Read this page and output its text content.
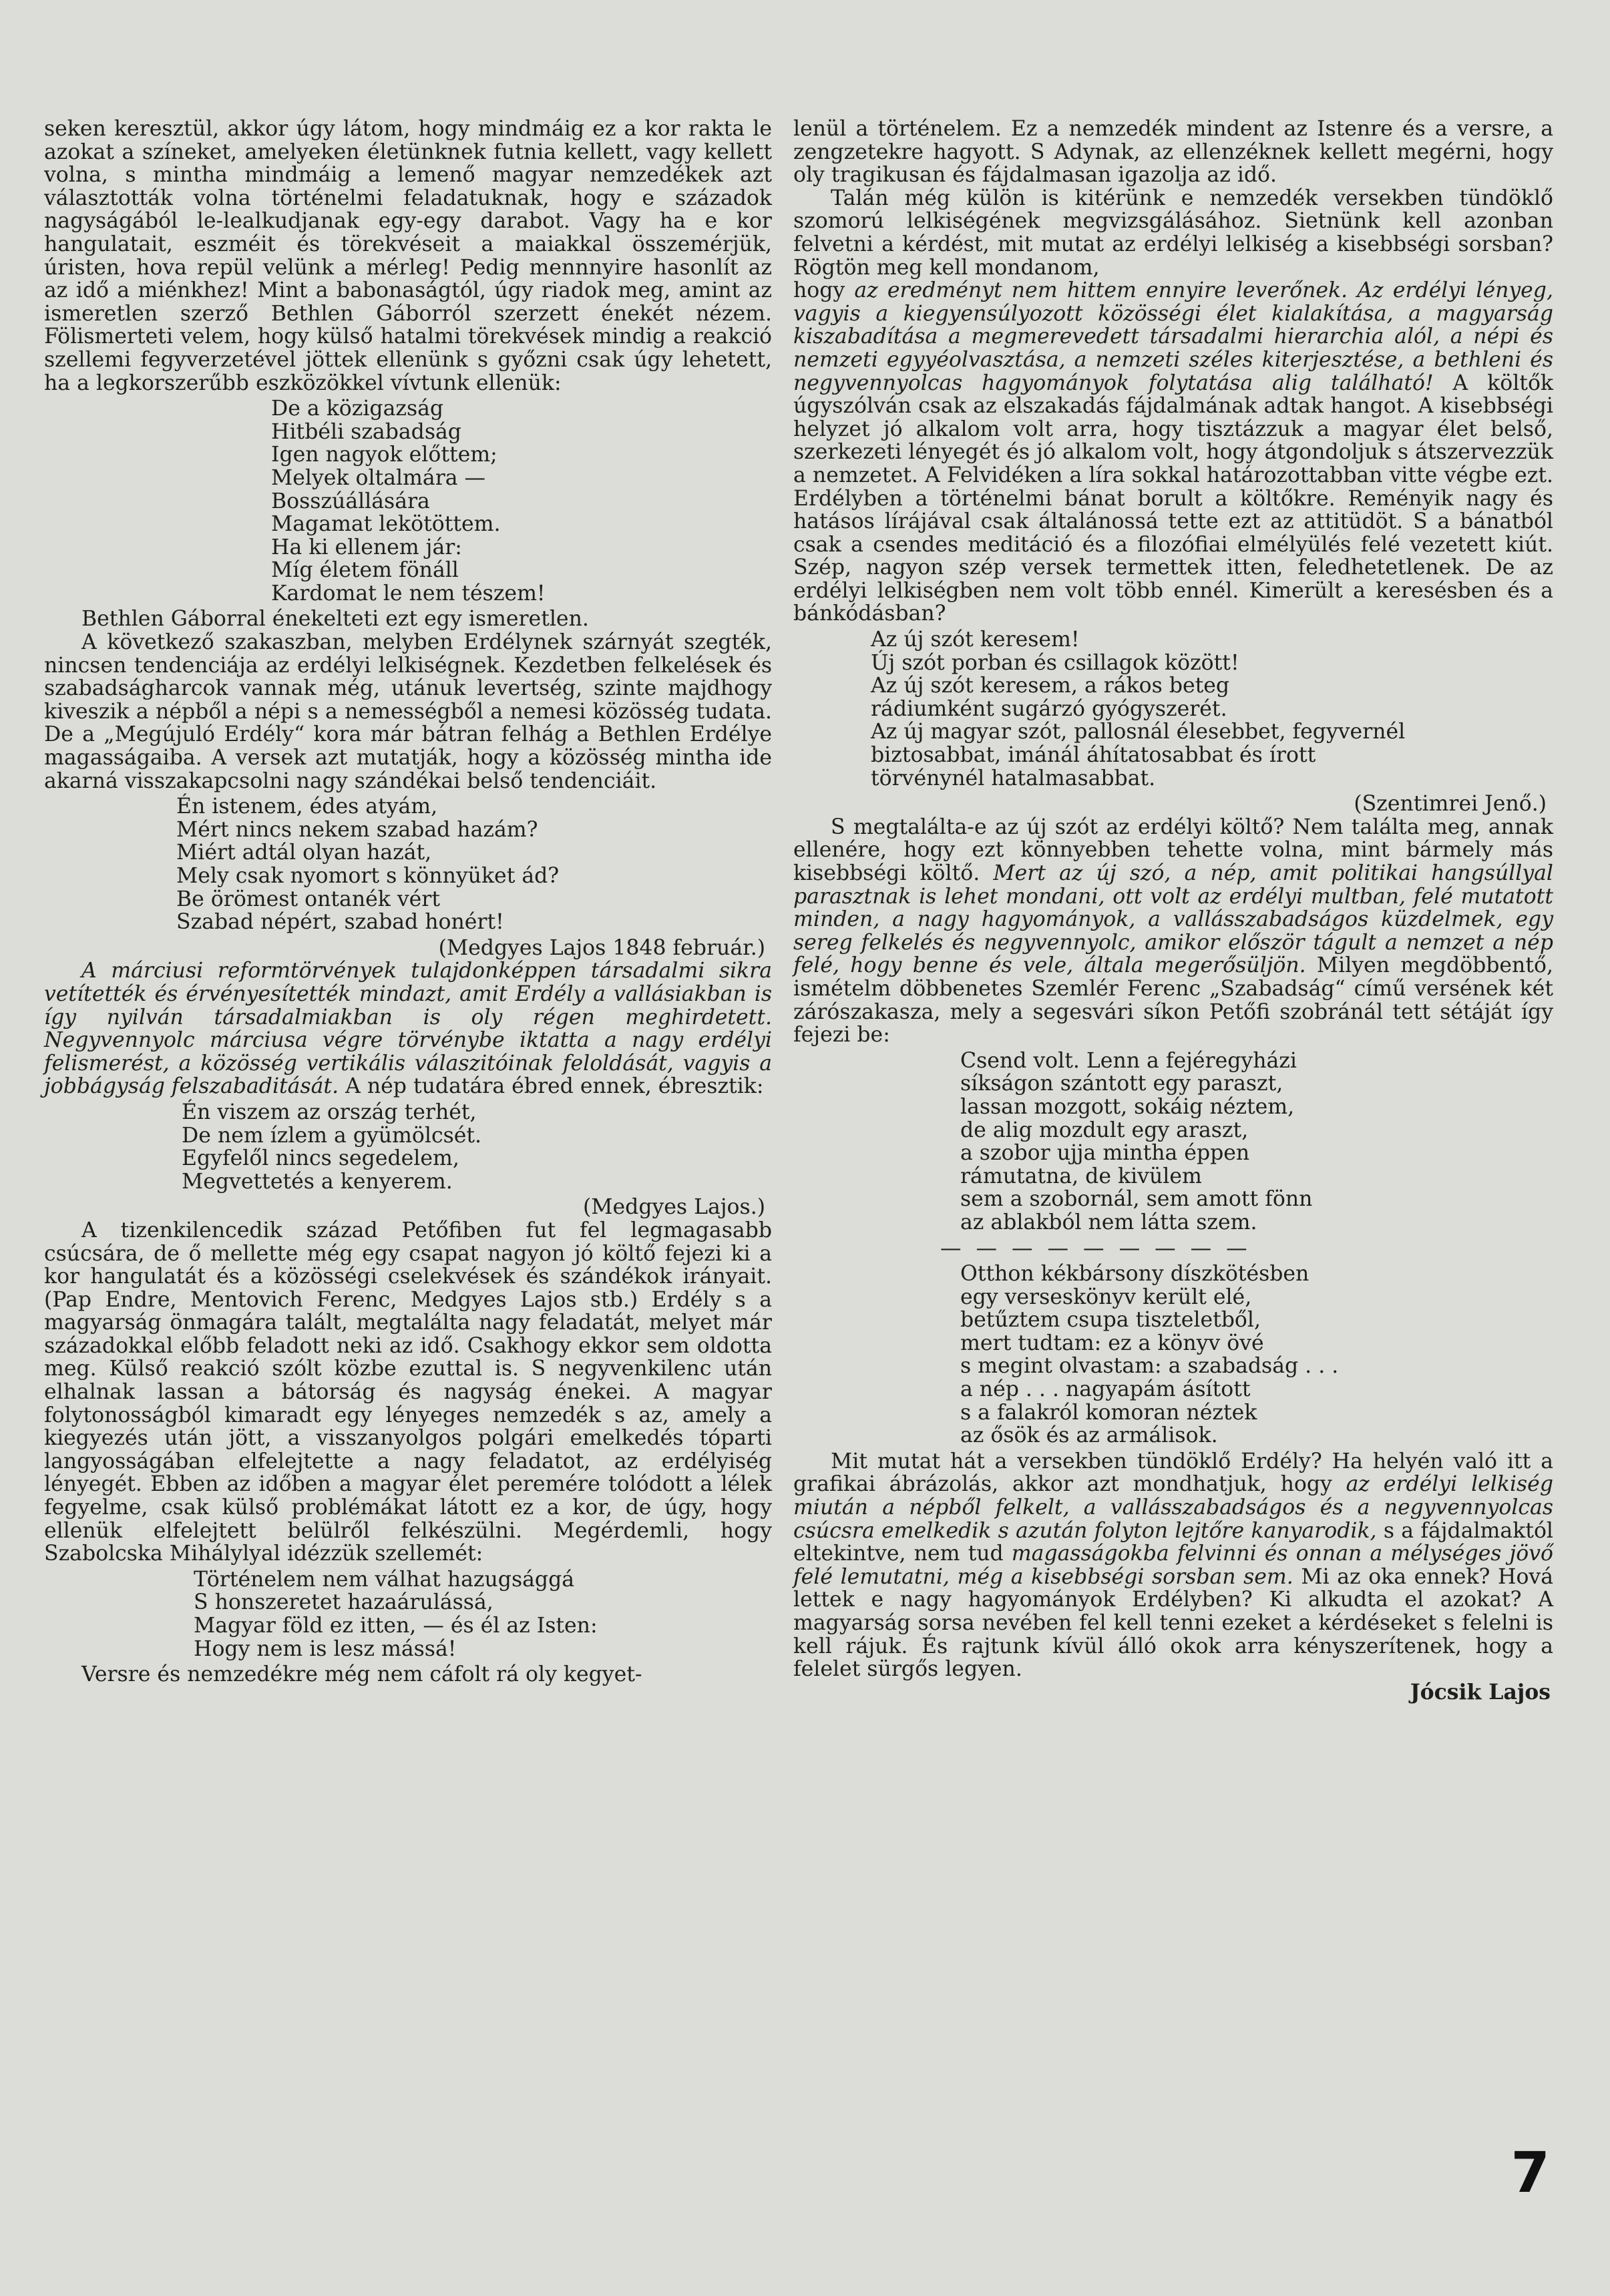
seken keresztül, akkor úgy látom, hogy mindmáig ez a kor rakta le azokat a színeket, amelyeken életünknek futnia kellett, vagy kellett volna, s mintha mindmáig a lemenő magyar nemzedékek azt választották volna történelmi feladatuknak, hogy e századok nagyságából le-lealkudjanak egy-egy darabot. Vagy ha e kor hangulatait, eszméit és törekvéseit a maiakkal összemérjük, úristen, hova repül velünk a mérleg! Pedig mennnyire hasonlít az az idő a miénkhez! Mint a babonaságtól, úgy riadok meg, amint az ismeretlen szerző Bethlen Gáborról szerzett énekét nézem. Fölismerteti velem, hogy külső hatalmi törekvések mindig a reakció szellemi fegyverzetével jöttek ellenünk s győzni csak úgy lehetett, ha a legkorszerűbb eszközökkel vívtunk ellenük:

De a közigazság
Hitbéli szabadság
Igen nagyok előttem;
Melyek oltalmára —
Bosszúállására
Magamat lekötöttem.
Ha ki ellenem jár:
Míg életem fönáll
Kardomat le nem tészem!

Bethlen Gáborral énekelteti ezt egy ismeretlen.

A következő szakaszban, melyben Erdélynek szárnyát szegték, nincsen tendenciája az erdélyi lelkiségnek. Kezdetben felkelések és szabadságharcok vannak még, utánuk levertség, szinte majdhogy kiveszik a népből a népi s a nemességből a nemesi közösség tudata. De a „Megújuló Erdély“ kora már bátran felhág a Bethlen Erdélye magasságaiba. A versek azt mutatják, hogy a közösség mintha ide akarná visszakapcsolni nagy szándékai belső tendenciáit.

Én istenem, édes atyám,
Mért nincs nekem szabad hazám?
Miért adtál olyan hazát,
Mely csak nyomort s könnyüket ád?
Be örömest ontanék vért
Szabad népért, szabad honért!
(Medgyes Lajos 1848 február.)

A márciusi reformtörvények tulajdonképpen társadalmi sikra vetítették és érvényesítették mindazt, amit Erdély a vallásiakban is így nyilván társadalmiakban is oly régen meghirdetett. Negyvennyolc márciusa végre törvénybe iktatta a nagy erdélyi felismerést, a közösség vertikális válaszitóinak feloldását, vagyis a jobbágyság felszabaditását. A nép tudatára ébred ennek, ébresztik:

Én viszem az ország terhét,
De nem ízlem a gyümölcsét.
Egyfelől nincs segedelem,
Megvettetés a kenyerem.
(Medgyes Lajos.)

A tizenkilencedik század Petőfiben fut fel legmagasabb csúcsára, de ő mellette még egy csapat nagyon jó költő fejezi ki a kor hangulatát és a közösségi cselekvések és szándékok irányait. (Pap Endre, Mentovich Ferenc, Medgyes Lajos stb.) Erdély s a magyarság önmagára talált, megtalálta nagy feladatát, melyet már századokkal előbb feladott neki az idő. Csakhogy ekkor sem oldotta meg. Külső reakció szólt közbe ezuttal is. S negyvenkilenc után elhalnak lassan a bátorság és nagyság énekei. A magyar folytonosságból kimaradt egy lényeges nemzedék s az, amely a kiegyezés után jött, a visszanyolgos polgári emelkedés tóparti langyosságában elfelejtette a nagy feladatot, az erdélyiség lényegét. Ebben az időben a magyar élet peremére tolódott a lélek fegyelme, csak külső problémákat látott ez a kor, de úgy, hogy ellenük elfelejtett belülről felkészülni. Megérdemli, hogy Szabolcska Mihálylyal idézzük szellemét:

Történelem nem válhat hazugsággá
S honszeretet hazaárulássá,
Magyar föld ez itten, — és él az Isten:
Hogy nem is lesz mássá!

Versre és nemzedékre még nem cáfolt rá oly kegyet-

lenül a történelem. Ez a nemzedék mindent az Istenre és a versre, a zengzetekre hagyott. S Adynak, az ellenzéknek kellett megérni, hogy oly tragikusan és fájdalmasan igazolja az idő.

Talán még külön is kitérünk e nemzedék versekben tündöklő szomorú lelkiségének megvizsgálásához. Sietnünk kell azonban felvetni a kérdést, mit mutat az erdélyi lelkiség a kisebbségi sorsban? Rögtön meg kell mondanom,

hogy az eredményt nem hittem ennyire leverőnek. Az erdélyi lényeg, vagyis a kiegyensúlyozott közösségi élet kialakítása, a magyarság kiszabadítása a megmerevedett társadalmi hierarchia alól, a népi és nemzeti egyyéolvasztása, a nemzeti széles kiterjesztése, a bethleni és negyvennyolcas hagyományok folytatása alig található! A költők úgyszólván csak az elszakadás fájdalmának adtak hangot. A kisebbségi helyzet jó alkalom volt arra, hogy tisztázzuk a magyar élet belső, szerkezeti lényegét és jó alkalom volt, hogy átgondoljuk s átszervezzük a nemzetet. A Felvidéken a líra sokkal határozottabban vitte végbe ezt. Erdélyben a történelmi bánat borult a költőkre. Reményik nagy és hatásos lírájával csak általánossá tette ezt az attitüdöt. S a bánatból csak a csendes meditáció és a filozófiai elmélyülés felé vezetett kiút. Szép, nagyon szép versek termettek itten, feledhetetlenek. De az erdélyi lelkiségben nem volt több ennél. Kimerült a keresésben és a bánkódásban?

Az új szót keresem!
Új szót porban és csillagok között!
Az új szót keresem, a rákos beteg
rádiumként sugárzó gyógyszerét.
Az új magyar szót, pallosnál élesebbet, fegyvernél
biztosabbat, imánál áhítatosabbat és írott
törvénynél hatalmasabbat.
(Szentimrei Jenő.)

S megtalálta-e az új szót az erdélyi költő? Nem találta meg, annak ellenére, hogy ezt könnyebben tehette volna, mint bármely más kisebbségi költő. Mert az új szó, a nép, amit politikai hangsúllyal parasztnak is lehet mondani, ott volt az erdélyi multban, felé mutatott minden, a nagy hagyományok, a vallásszabadságos küzdelmek, egy sereg felkelés és negyvennyolc, amikor először tágult a nemzet a nép felé, hogy benne és vele, általa megerősüljön. Milyen megdöbbentő, ismételm döbbenetes Szemlér Ferenc „Szabadság“ című versének két zárószakasza, mely a segesvári síkon Petőfi szobránál tett sétáját így fejezi be:

Csend volt. Lenn a fejéregyházi
síkságon szántott egy paraszt,
lassan mozgott, sokáig néztem,
de alig mozdult egy araszt,
a szobor ujja mintha éppen
rámutatna, de kivülem
sem a szobornál, sem amott fönn
az ablakból nem látta szem.
— — — — — — — — —
Otthon kékbársony díszkötésben
egy verseskönyv került elé,
betűztem csupa tiszteletből,
mert tudtam: ez a könyv övé
s megint olvastam: a szabadság . . .
a nép . . . nagyapám ásított
s a falakról komoran néztek
az ősök és az armálisok.

Mit mutat hát a versekben tündöklő Erdély? Ha helyén való itt a grafikai ábrázolás, akkor azt mondhatjuk, hogy az erdélyi lelkiség miután a népből felkelt, a vallásszabadságos és a negyvennyolcas csúcsra emelkedik s azután folyton lejtőre kanyarodik, s a fájdalmaktól eltekintve, nem tud magasságokba felvinni és onnan a mélységes jövő felé lemutatni, még a kisebbségi sorsban sem. Mi az oka ennek? Hová lettek e nagy hagyományok Erdélyben? Ki alkudta el azokat? A magyarság sorsa nevében fel kell tenni ezeket a kérdéseket s felelni is kell rájuk. És rajtunk kívül álló okok arra kényszerítenek, hogy a felelet sürgős legyen.

Jócsik Lajos
7
